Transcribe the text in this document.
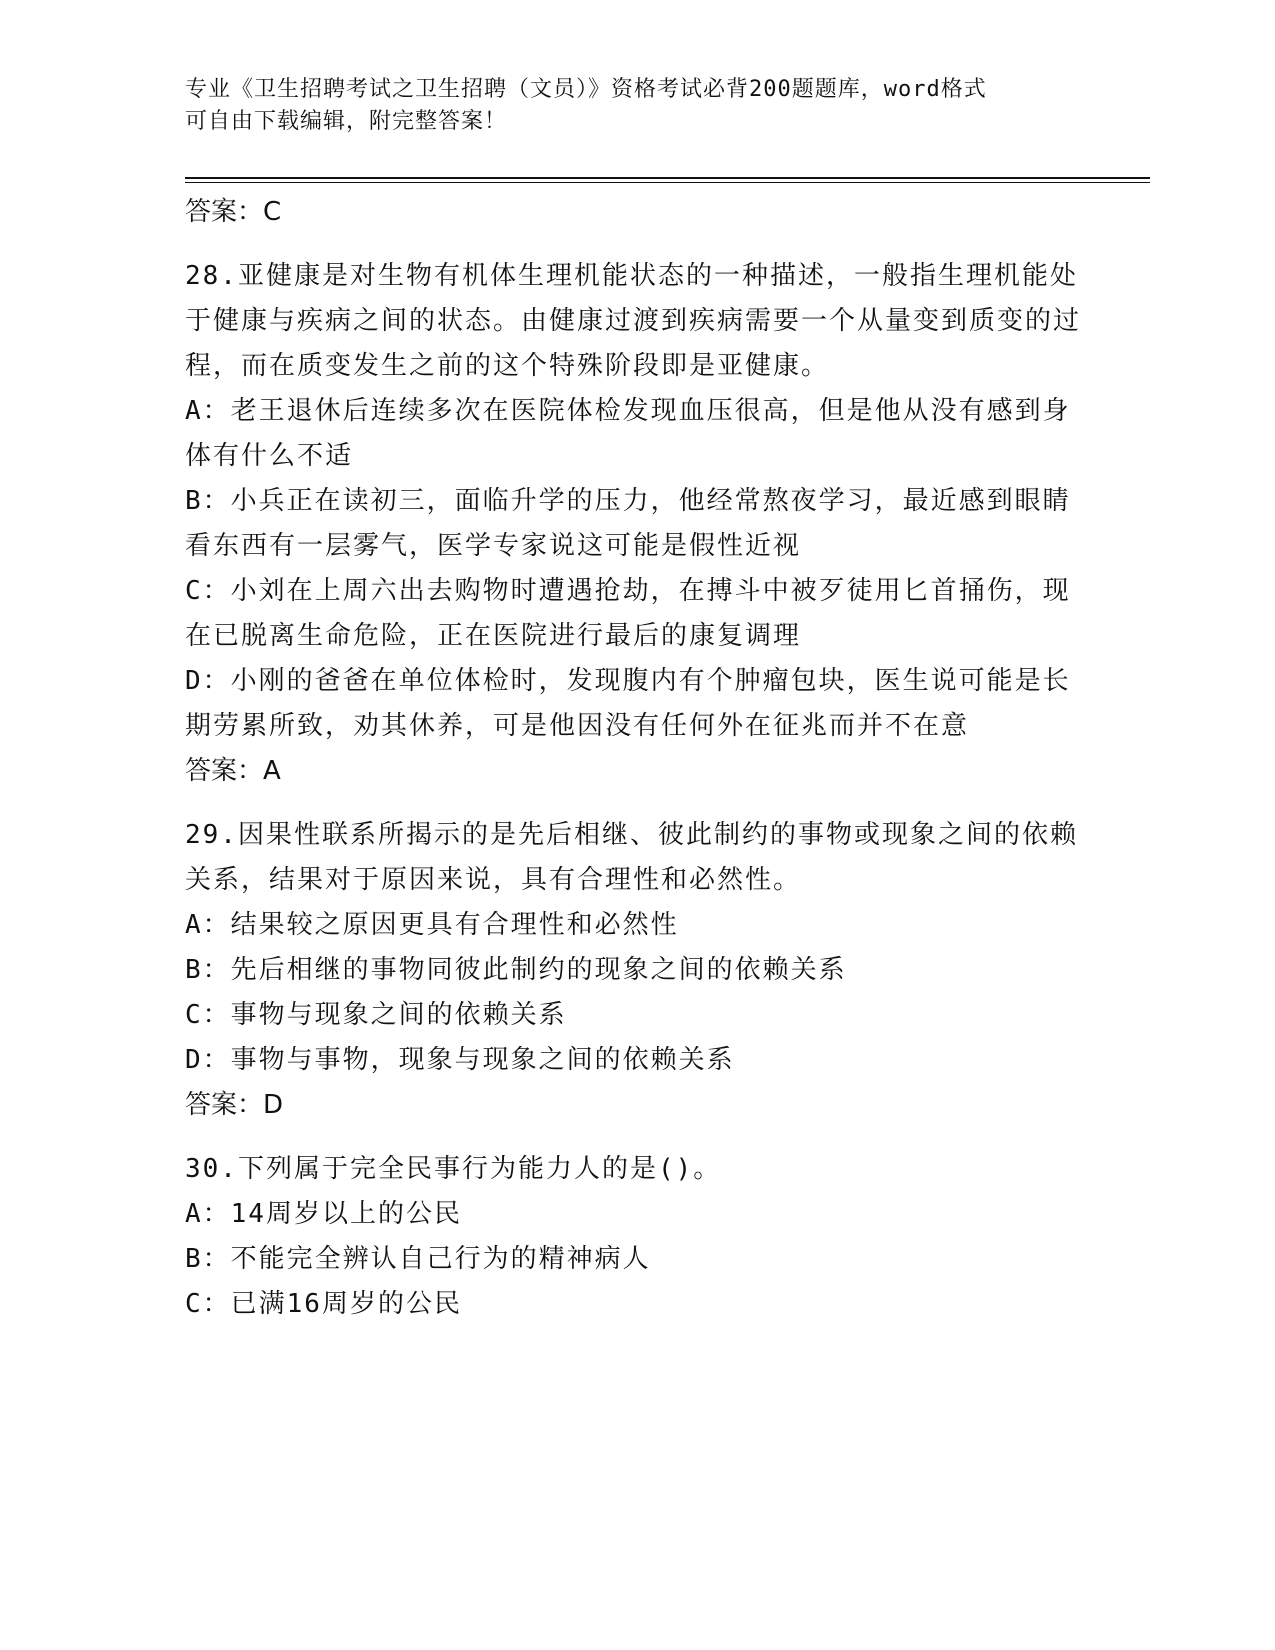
专业《卫生招聘考试之卫生招聘（文员）》资格考试必背200题题库，word格式
可自由下载编辑，附完整答案！
答案：C
28.亚健康是对生物有机体生理机能状态的一种描述，一般指生理机能处于健康与疾病之间的状态。由健康过渡到疾病需要一个从量变到质变的过程，而在质变发生之前的这个特殊阶段即是亚健康。
A：老王退休后连续多次在医院体检发现血压很高，但是他从没有感到身体有什么不适
B：小兵正在读初三，面临升学的压力，他经常熬夜学习，最近感到眼睛看东西有一层雾气，医学专家说这可能是假性近视
C：小刘在上周六出去购物时遭遇抢劫，在搏斗中被歹徒用匕首捅伤，现在已脱离生命危险，正在医院进行最后的康复调理
D：小刚的爸爸在单位体检时，发现腹内有个肿瘤包块，医生说可能是长期劳累所致，劝其休养，可是他因没有任何外在征兆而并不在意
答案：A
29.因果性联系所揭示的是先后相继、彼此制约的事物或现象之间的依赖关系，结果对于原因来说，具有合理性和必然性。
A：结果较之原因更具有合理性和必然性
B：先后相继的事物同彼此制约的现象之间的依赖关系
C：事物与现象之间的依赖关系
D：事物与事物，现象与现象之间的依赖关系
答案：D
30.下列属于完全民事行为能力人的是()。
A：14周岁以上的公民
B：不能完全辨认自己行为的精神病人
C：已满16周岁的公民
